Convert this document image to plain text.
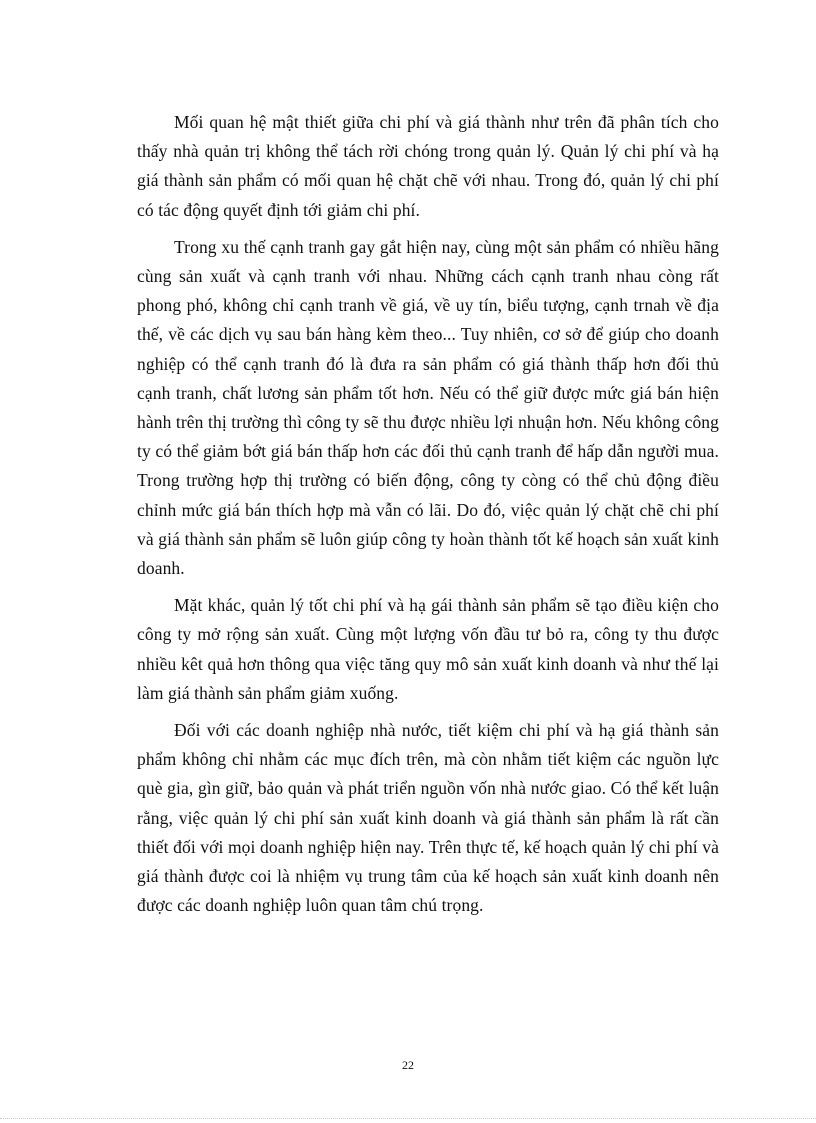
Mối quan hệ mật thiết giữa chi phí và giá thành như trên đã phân tích cho thấy nhà quản trị không thể tách rời chóng trong quản lý. Quản lý chi phí và hạ giá thành sản phẩm có mối quan hệ chặt chẽ với nhau. Trong đó, quản lý chi phí có tác động quyết định tới giảm chi phí.

Trong xu thế cạnh tranh gay gắt hiện nay, cùng một sản phẩm có nhiều hãng cùng sản xuất và cạnh tranh với nhau. Những cách cạnh tranh nhau còng rất phong phó, không chỉ cạnh tranh về giá, về uy tín, biểu tượng, cạnh trnah về địa thế, về các dịch vụ sau bán hàng kèm theo... Tuy nhiên, cơ sở để giúp cho doanh nghiệp có thể cạnh tranh đó là đưa ra sản phẩm có giá thành thấp hơn đối thủ cạnh tranh, chất lương sản phẩm tốt hơn. Nếu có thể giữ được mức giá bán hiện hành trên thị trường thì công ty sẽ thu được nhiều lợi nhuận hơn. Nếu không công ty có thể giảm bớt giá bán thấp hơn các đối thủ cạnh tranh để hấp dẫn người mua. Trong trường hợp thị trường có biến động, công ty còng có thể chủ động điều chỉnh mức giá bán thích hợp mà vẫn có lãi. Do đó, việc quản lý chặt chẽ chi phí và giá thành sản phẩm sẽ luôn giúp công ty hoàn thành tốt kế hoạch sản xuất kinh doanh.

Mặt khác, quản lý tốt chi phí và hạ gái thành sản phẩm sẽ tạo điều kiện cho công ty mở rộng sản xuất. Cùng một lượng vốn đầu tư bỏ ra, công ty thu được nhiều kêt quả hơn thông qua việc tăng quy mô sản xuất kinh doanh và như thế lại làm giá thành sản phẩm giảm xuống.

Đối với các doanh nghiệp nhà nước, tiết kiệm chi phí và hạ giá thành sản phẩm không chỉ nhằm các mục đích trên, mà còn nhằm tiết kiệm các nguồn lực què gia, gìn giữ, bảo quản và phát triển nguồn vốn nhà nước giao. Có thể kết luận rằng, việc quản lý chi phí sản xuất kinh doanh và giá thành sản phẩm là rất cần thiết đối với mọi doanh nghiệp hiện nay. Trên thực tế, kế hoạch quản lý chi phí và giá thành được coi là nhiệm vụ trung tâm của kế hoạch sản xuất kinh doanh nên được các doanh nghiệp luôn quan tâm chú trọng.

22
